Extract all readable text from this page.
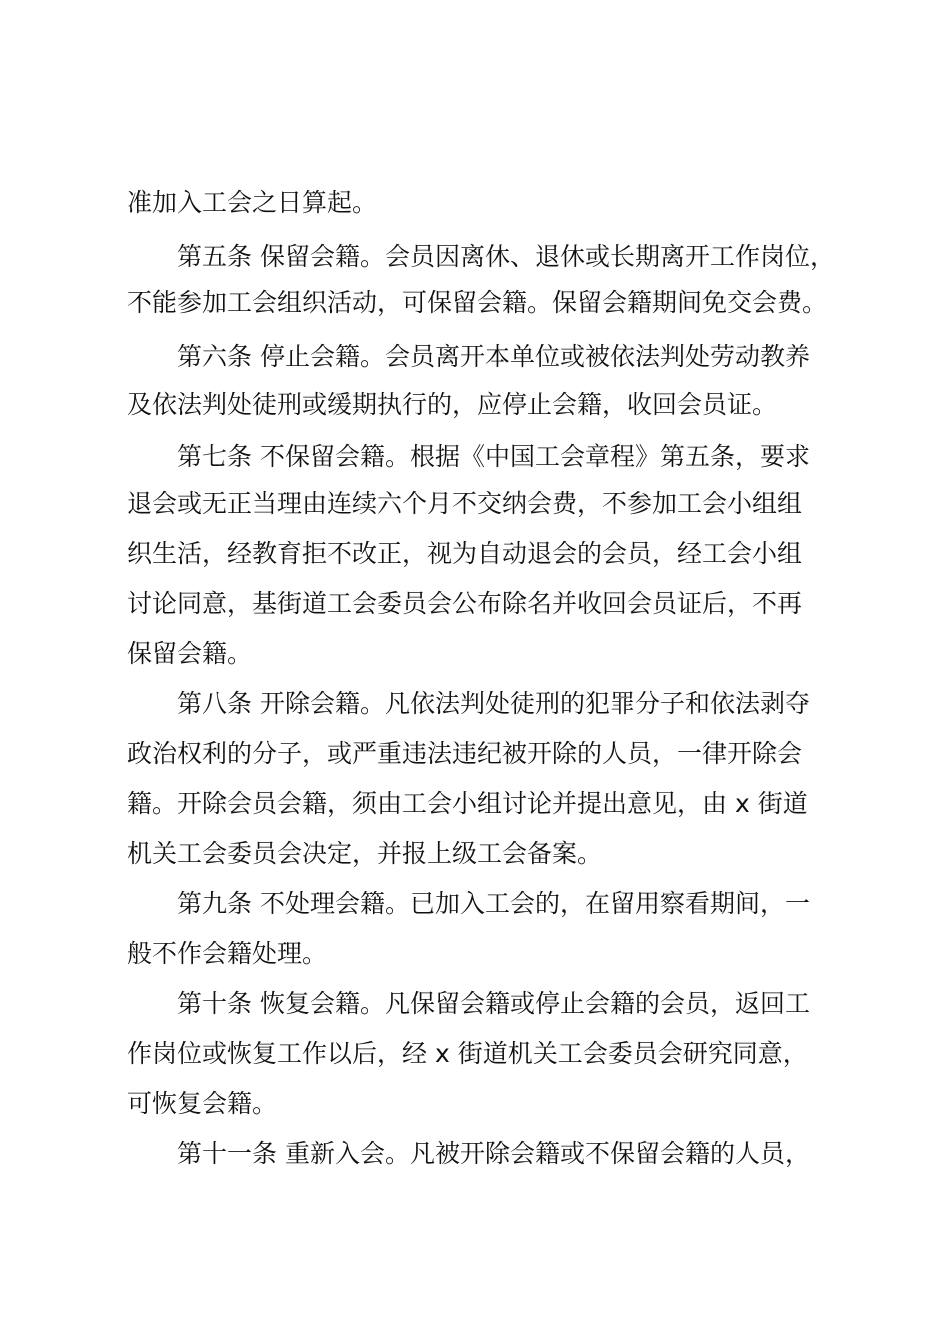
准加入工会之日算起。
第五条 保留会籍。会员因离休、退休或长期离开工作岗位，
不能参加工会组织活动，可保留会籍。保留会籍期间免交会费。
第六条 停止会籍。会员离开本单位或被依法判处劳动教养
及依法判处徒刑或缓期执行的，应停止会籍，收回会员证。
第七条 不保留会籍。根据《中国工会章程》第五条，要求
退会或无正当理由连续六个月不交纳会费，不参加工会小组组
织生活，经教育拒不改正，视为自动退会的会员，经工会小组
讨论同意，基街道工会委员会公布除名并收回会员证后，不再
保留会籍。
第八条 开除会籍。凡依法判处徒刑的犯罪分子和依法剥夺
政治权利的分子，或严重违法违纪被开除的人员，一律开除会
籍。开除会员会籍，须由工会小组讨论并提出意见，由 x 街道
机关工会委员会决定，并报上级工会备案。
第九条 不处理会籍。已加入工会的，在留用察看期间，一
般不作会籍处理。
第十条 恢复会籍。凡保留会籍或停止会籍的会员，返回工
作岗位或恢复工作以后，经 x 街道机关工会委员会研究同意，
可恢复会籍。
第十一条 重新入会。凡被开除会籍或不保留会籍的人员，
